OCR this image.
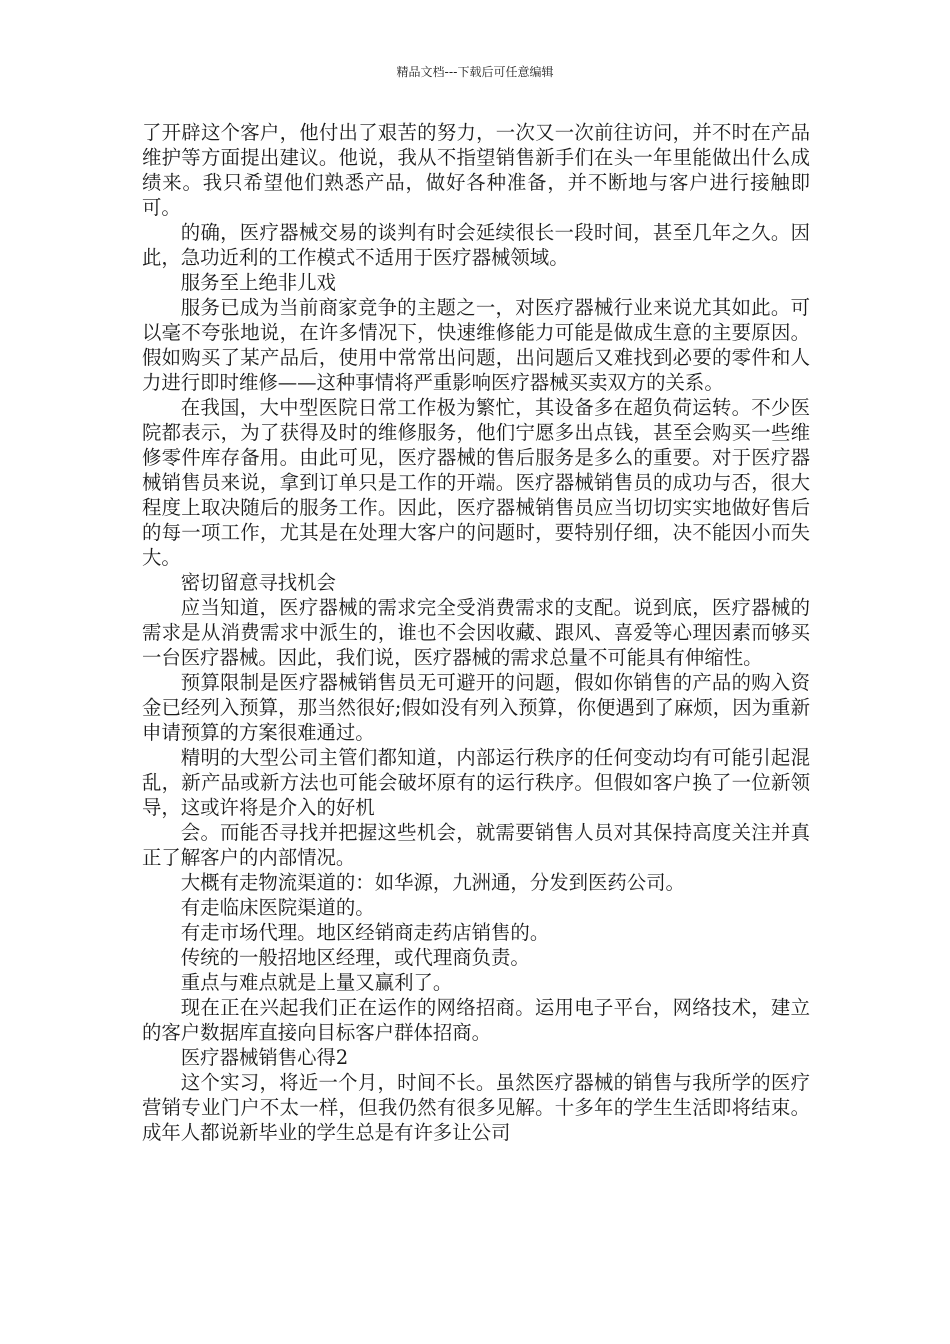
精品文档---下载后可任意编辑

了开辟这个客户，他付出了艰苦的努力，一次又一次前往访问，并不时在产品维护等方面提出建议。他说，我从不指望销售新手们在头一年里能做出什么成绩来。我只希望他们熟悉产品，做好各种准备，并不断地与客户进行接触即可。

的确，医疗器械交易的谈判有时会延续很长一段时间，甚至几年之久。因此，急功近利的工作模式不适用于医疗器械领域。

服务至上绝非儿戏

服务已成为当前商家竞争的主题之一，对医疗器械行业来说尤其如此。可以毫不夸张地说，在许多情况下，快速维修能力可能是做成生意的主要原因。假如购买了某产品后，使用中常常出问题，出问题后又难找到必要的零件和人力进行即时维修——这种事情将严重影响医疗器械买卖双方的关系。

在我国，大中型医院日常工作极为繁忙，其设备多在超负荷运转。不少医院都表示，为了获得及时的维修服务，他们宁愿多出点钱，甚至会购买一些维修零件库存备用。由此可见，医疗器械的售后服务是多么的重要。对于医疗器械销售员来说，拿到订单只是工作的开端。医疗器械销售员的成功与否，很大程度上取决随后的服务工作。因此，医疗器械销售员应当切切实实地做好售后的每一项工作，尤其是在处理大客户的问题时，要特别仔细，决不能因小而失大。

密切留意寻找机会

应当知道，医疗器械的需求完全受消费需求的支配。说到底，医疗器械的需求是从消费需求中派生的，谁也不会因收藏、跟风、喜爱等心理因素而够买一台医疗器械。因此，我们说，医疗器械的需求总量不可能具有伸缩性。

预算限制是医疗器械销售员无可避开的问题，假如你销售的产品的购入资金已经列入预算，那当然很好;假如没有列入预算，你便遇到了麻烦，因为重新申请预算的方案很难通过。

精明的大型公司主管们都知道，内部运行秩序的任何变动均有可能引起混乱，新产品或新方法也可能会破坏原有的运行秩序。但假如客户换了一位新领导，这或许将是介入的好机

会。而能否寻找并把握这些机会，就需要销售人员对其保持高度关注并真正了解客户的内部情况。

大概有走物流渠道的：如华源，九洲通，分发到医药公司。

有走临床医院渠道的。

有走市场代理。地区经销商走药店销售的。

传统的一般招地区经理，或代理商负责。

重点与难点就是上量又赢利了。

现在正在兴起我们正在运作的网络招商。运用电子平台，网络技术，建立的客户数据库直接向目标客户群体招商。

医疗器械销售心得2

这个实习，将近一个月，时间不长。虽然医疗器械的销售与我所学的医疗营销专业门户不太一样，但我仍然有很多见解。十多年的学生生活即将结束。成年人都说新毕业的学生总是有许多让公司
